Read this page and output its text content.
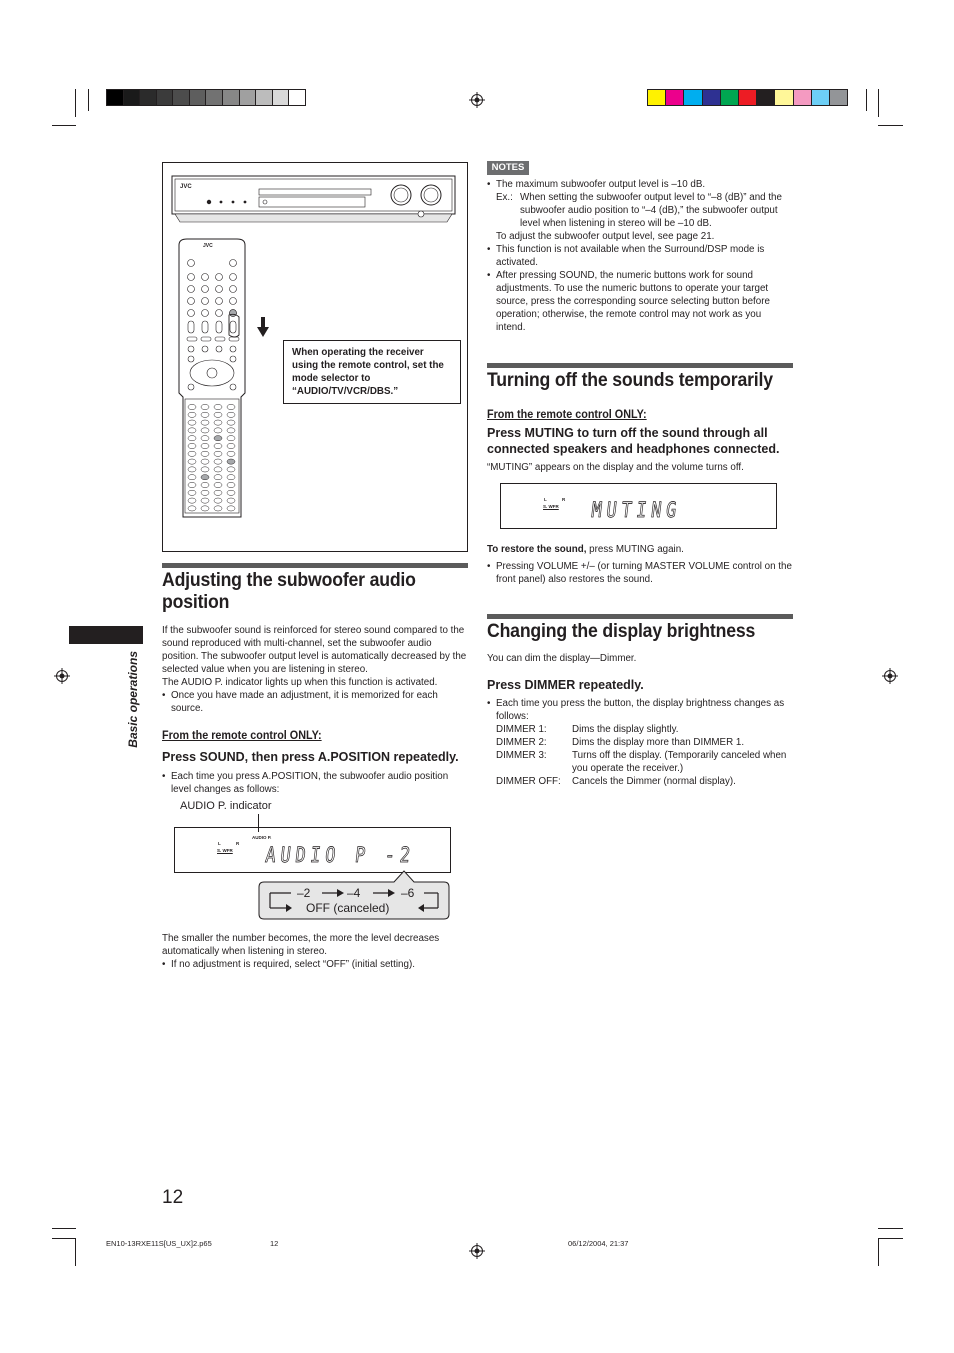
JVC
JVC
When operating the receiver using the remote control, set the mode selector to “AUDIO/TV/VCR/DBS.”
NOTES

• The maximum subwoofer output level is –10 dB.

Ex.: When setting the subwoofer output level to “–8 (dB)” and the subwoofer audio position to “–4 (dB),” the subwoofer output level when listening in stereo will be –10 dB.

To adjust the subwoofer output level, see page 21.

• This function is not available when the Surround/DSP mode is activated.

• After pressing SOUND, the numeric buttons work for sound adjustments. To use the numeric buttons to operate your target source, press the corresponding source selecting button before operation; otherwise, the remote control may not work as you intend.

Turning off the sounds temporarily
From the remote control ONLY:
Press MUTING to turn off the sound through all connected speakers and headphones connected.
“MUTING” appears on the display and the volume turns off.
L	R
S. WFR MUTING
To restore the sound, press MUTING again.

• Pressing VOLUME +/– (or turning MASTER VOLUME control on the front panel) also restores the sound.

Changing the display brightness
You can dim the display—Dimmer.
Press DIMMER repeatedly.

• Each time you press the button, the display brightness changes as follows:

DIMMER 1:	Dims the display slightly.
DIMMER 2:	Dims the display more than DIMMER 1.
DIMMER 3:	Turns off the display. (Temporarily canceled when you operate the receiver.)
DIMMER OFF:	Cancels the Dimmer (normal display).
Adjusting the subwoofer audio
position

If the subwoofer sound is reinforced for stereo sound compared to the sound reproduced with multi-channel, set the subwoofer audio position. The subwoofer output level is automatically decreased by the selected value when you are listening in stereo.

The AUDIO P. indicator lights up when this function is activated.

• Once you have made an adjustment, it is memorized for each source.

From the remote control ONLY:
Press SOUND, then press A.POSITION repeatedly.

• Each time you press A.POSITION, the subwoofer audio position level changes as follows:

AUDIO P. indicator
AUDIO P.
L	R
S. WFR AUDIO P -2
–2	–4	–6
OFF (canceled)

The smaller the number becomes, the more the level decreases automatically when listening in stereo.

• If no adjustment is required, select “OFF” (initial setting).

Basic operations
12
EN10-13RXE11S[US_UX]2.p65	12	06/12/2004, 21:37
